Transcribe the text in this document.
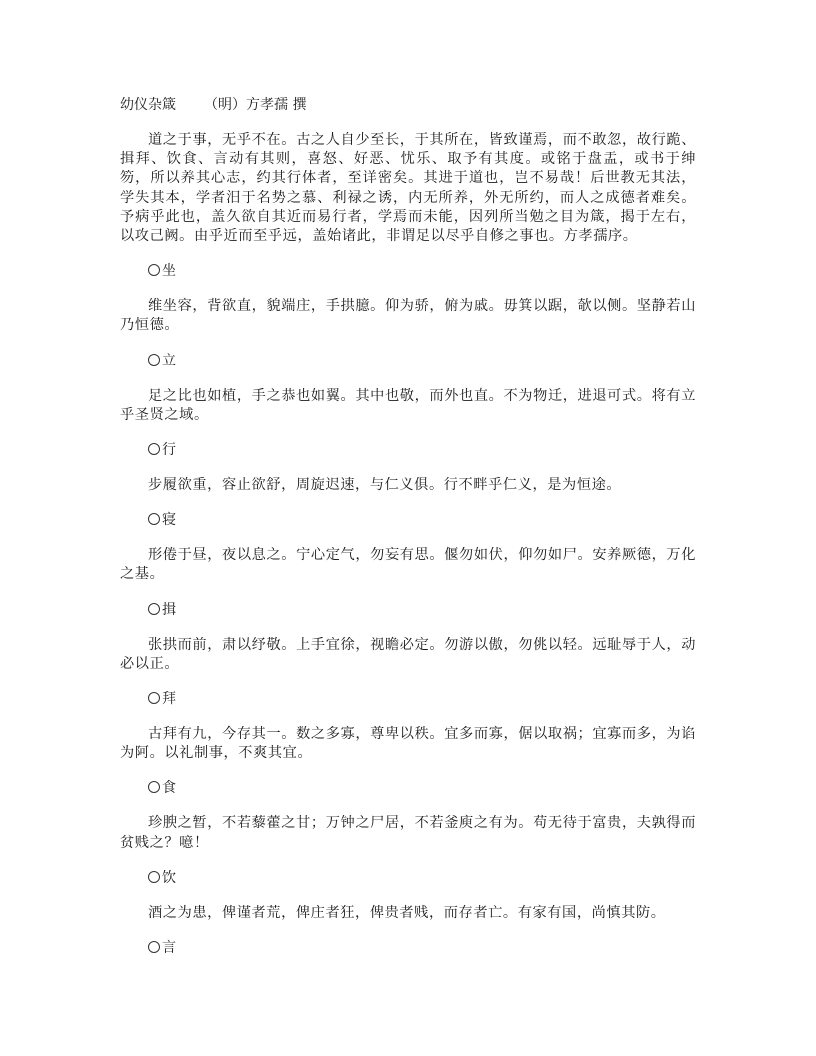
幼仪杂箴 （明）方孝孺 撰

道之于事，无乎不在。古之人自少至长，于其所在，皆致谨焉，而不敢忽，故行跪、揖拜、饮食、言动有其则，喜怒、好恶、忧乐、取予有其度。或铭于盘盂，或书于绅笏，所以养其心志，约其行体者，至详密矣。其进于道也，岂不易哉！后世教无其法，学失其本，学者汨于名势之慕、利禄之诱，内无所养，外无所约，而人之成德者难矣。予病乎此也，盖久欲自其近而易行者，学焉而未能，因列所当勉之目为箴，揭于左右，以攻己阙。由乎近而至乎远，盖始诸此，非谓足以尽乎自修之事也。方孝孺序。

坐

维坐容，背欲直，貌端庄，手拱臆。仰为骄，俯为戚。毋箕以踞，欹以侧。坚静若山乃恒德。

立

足之比也如植，手之恭也如翼。其中也敬，而外也直。不为物迁，进退可式。将有立乎圣贤之域。

行

步履欲重，容止欲舒，周旋迟速，与仁义俱。行不畔乎仁义，是为恒途。

寝

形倦于昼，夜以息之。宁心定气，勿妄有思。偃勿如伏，仰勿如尸。安养厥德，万化之基。

揖

张拱而前，肃以纾敬。上手宜徐，视瞻必定。勿游以傲，勿佻以轻。远耻辱于人，动必以正。

拜

古拜有九，今存其一。数之多寡，尊卑以秩。宜多而寡，倨以取祸；宜寡而多，为谄为阿。以礼制事，不爽其宜。

食

珍腴之暂，不若藜藿之甘；万钟之尸居，不若釜庾之有为。苟无待于富贵，夫孰得而贫贱之？噫！

饮

酒之为患，俾谨者荒，俾庄者狂，俾贵者贱，而存者亡。有家有国，尚慎其防。

言
